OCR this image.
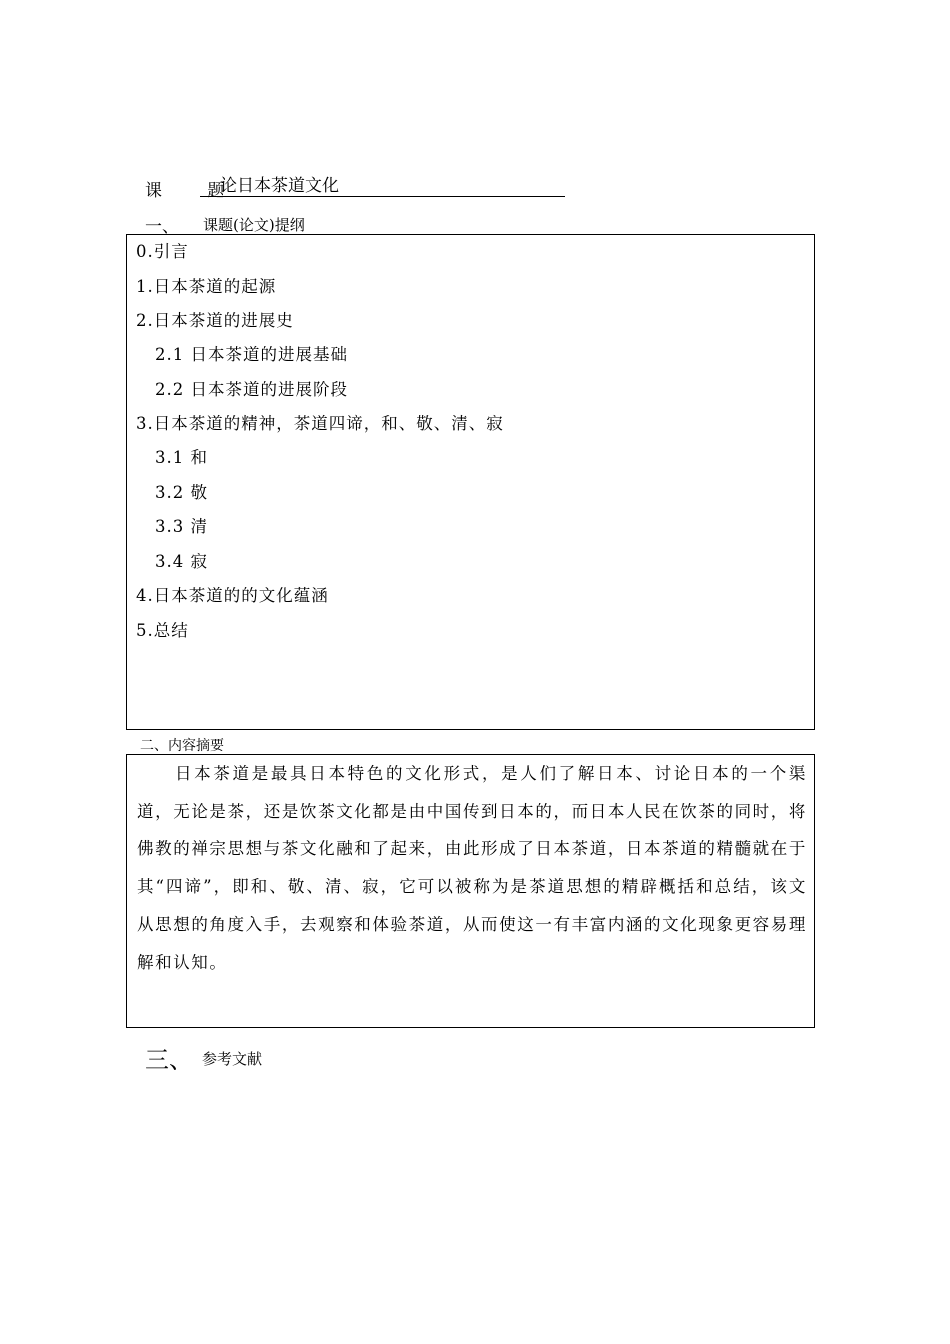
课 题
论日本茶道文化
一、 课题(论文)提纲
0.引言
1.日本茶道的起源
2.日本茶道的进展史
2.1 日本茶道的进展基础
2.2 日本茶道的进展阶段
3.日本茶道的精神，茶道四谛，和、敬、清、寂
3.1 和
3.2 敬
3.3 清
3.4 寂
4.日本茶道的的文化蕴涵
5.总结
二、内容摘要
日本茶道是最具日本特色的文化形式，是人们了解日本、讨论日本的一个渠道，无论是茶，还是饮茶文化都是由中国传到日本的，而日本人民在饮茶的同时，将佛教的禅宗思想与茶文化融和了起来，由此形成了日本茶道，日本茶道的精髓就在于其“四谛”，即和、敬、清、寂，它可以被称为是茶道思想的精辟概括和总结，该文从思想的角度入手，去观察和体验茶道，从而使这一有丰富内涵的文化现象更容易理解和认知。
三、 参考文献
